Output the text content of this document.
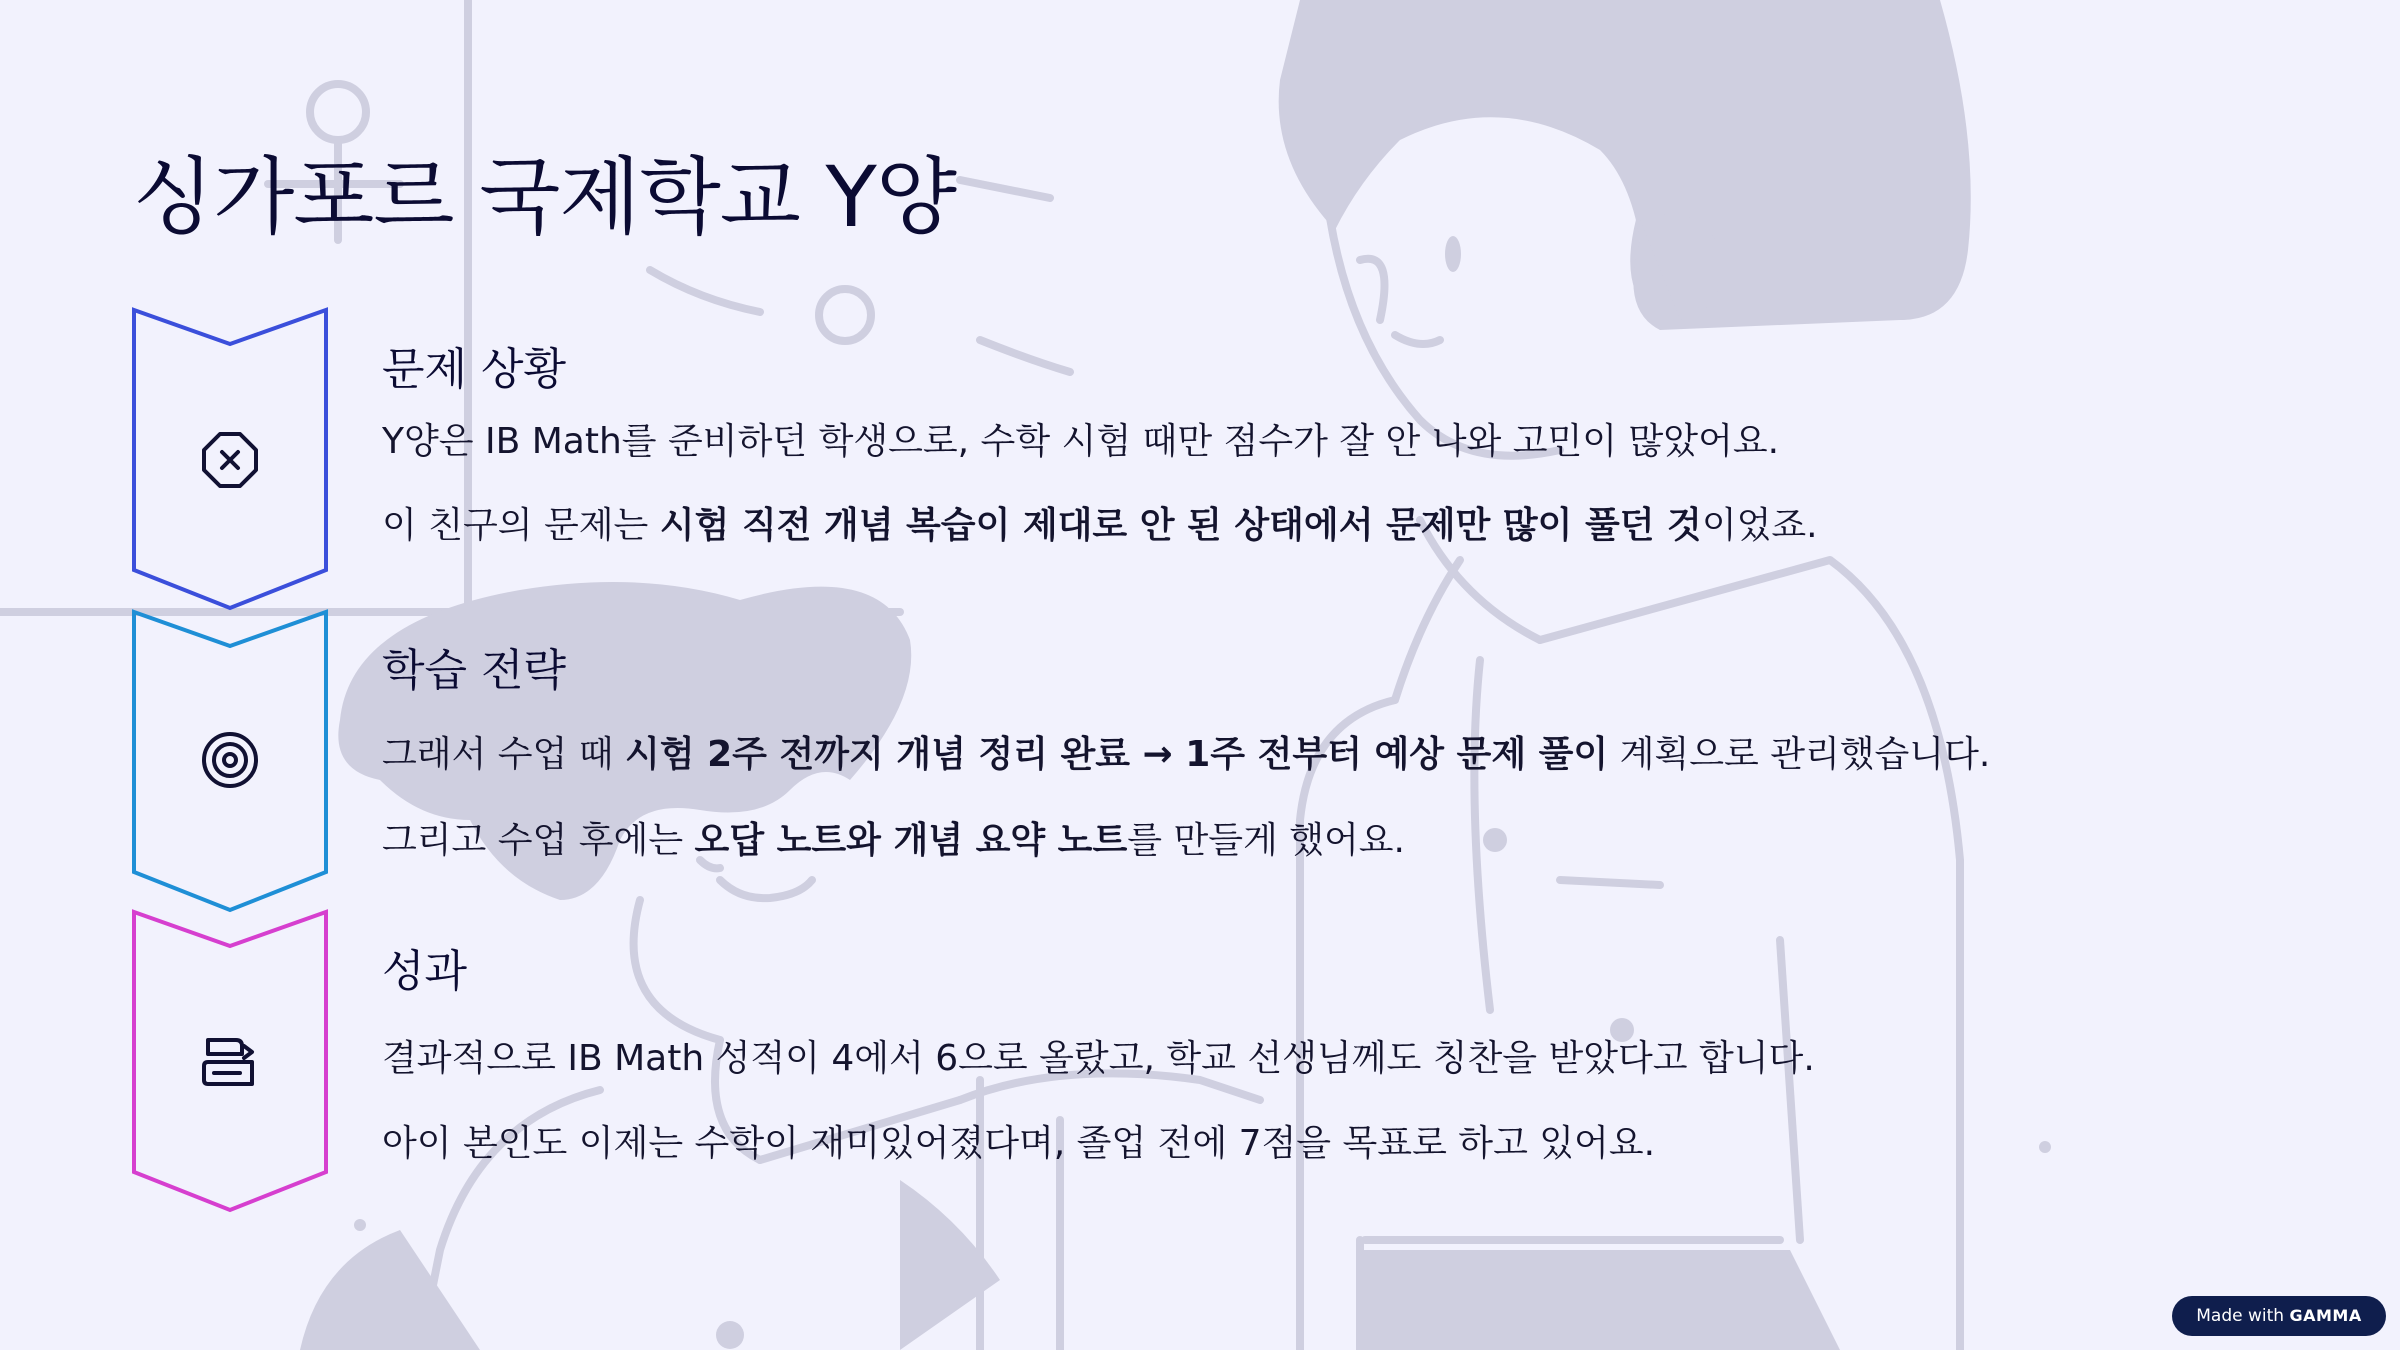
싱가포르 국제학교 Y양
문제 상황

Y양은 IB Math를 준비하던 학생으로, 수학 시험 때만 점수가 잘 안 나와 고민이 많았어요.

이 친구의 문제는 시험 직전 개념 복습이 제대로 안 된 상태에서 문제만 많이 풀던 것이었죠.

학습 전략

그래서 수업 때 시험 2주 전까지 개념 정리 완료 → 1주 전부터 예상 문제 풀이 계획으로 관리했습니다.

그리고 수업 후에는 오답 노트와 개념 요약 노트를 만들게 했어요.

성과

결과적으로 IB Math 성적이 4에서 6으로 올랐고, 학교 선생님께도 칭찬을 받았다고 합니다.

아이 본인도 이제는 수학이 재미있어졌다며, 졸업 전에 7점을 목표로 하고 있어요.

Made with GAMMA
